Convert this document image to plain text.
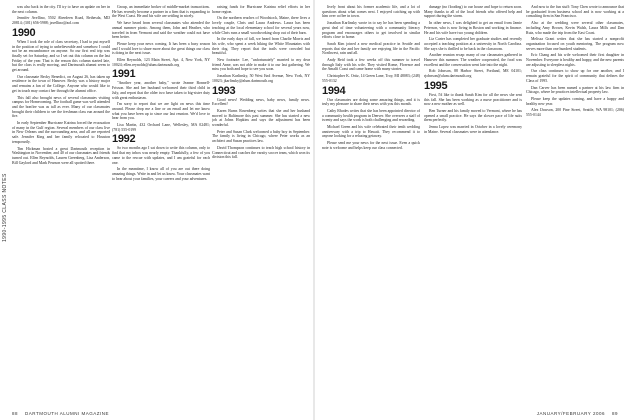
1990-1995 CLASS NOTES

was also back in the city. I'll try to have an update on her in the next column.

Jennifer Avellino, 5502 Aberdeen Road, Bethesda, MD 20814; (301) 656-5988; javellino@aol.com

1990

When I took the role of class secretary, I had to put myself in the position of trying to unbelieveable and somehow I could not be an encumbrance on anyone. So our first real trip was finally set for Saturday, and so I set out this column on the last Friday of the year. That is the reason this column started late, but the class is really moving, and Dartmouth alumni seem to get around.

Our classmate Becky Benedict, on August 26, has taken up residence in the town of Hanover. Becky was a history major and remains a fan of the College. Anyone who would like to get in touch may contact her through the alumni office.

This fall also brought news of several classmates visiting campus for Homecoming. The football game was well attended and the bonfire was as tall as ever. Many of our classmates brought their children to see the freshman class run around the fire.

In early September Hurricane Katrina forced the evacuation of many in the Gulf region. Several members of our class live in New Orleans and the surrounding area, and all are reported safe. Jennifer King and her family relocated to Houston temporarily.

Tim Hickman hosted a great Dartmouth reception in Washington in November, and 40 of our classmates and friends turned out. Ellen Reynolds, Lauren Greenberg, Lisa Anderson, Bill Gaylord and Mark Pearson were all spotted there.

Group, an immediate broker of middle-market transactions. He has recently become a partner in a firm that is expanding to the West Coast. He and his wife are settling in nicely.

We have heard from several classmates who attended the annual summer picnic. Among them, John and Heather, who traveled in from Vermont and said the weather could not have been better.

Please keep your news coming. It has been a busy season and I would love to share more about the great things our class is doing in the next issue.

Ellen Reynolds, 123 Main Street, Apt. 4, New York, NY 10024; ellen.reynolds@alum.dartmouth.org

1991

"Another year, another baby," wrote Jeanne Bonnell-Frisson. She and her husband welcomed their third child in July, and report that the older two have taken to big-sister duty with great enthusiasm.

I'm sorry to report that we are light on news this time around. Please drop me a line or an email and let me know what you have been up to since our last reunion. We'd love to hear from you.

Lisa Martin, 432 Orchard Lane, Wellesley, MA 02481; (781) 555-0199

1992

So two months ago I sat down to write this column, only to find that my inbox was nearly empty. Thankfully, a few of you came to the rescue with updates, and I am grateful for each one.

In the meantime, I know all of you are out there doing amazing things. Write in and let us know. Your classmates want to hear about your families, your careers and your adventures.

raising funds for Hurricane Katrina relief efforts in her home region.

On the northern reaches of Woodstock, Maine, there lives a lovely couple, Chris and Laura Andrews. Laura has been teaching at the local elementary school for several years now, while Chris runs a small woodworking shop out of their barn.

In the early days of fall, we heard from Charlie Morris and his wife, who spent a week hiking the White Mountains with their dog. They report that the trails were crowded but beautiful.

New footnote: Lee, "unfortunately" married to my dear friend Anne, was not able to make it to our last gathering. We miss you both and hope to see you soon.

Jonathan Karlinsky, 50 West End Avenue, New York, NY 10023; jkarlinsky@alum.dartmouth.org

1993

Good news! Wedding news, baby news, family news. Excellent!

Karen Burns Rosenberg writes that she and her husband moved to Baltimore this past summer. She has started a new job at Johns Hopkins and says the adjustment has been wonderful.

Peter and Susan Clark welcomed a baby boy in September. The family is living in Chicago, where Peter works as an architect and Susan practices law.

David Thompson continues to teach high school history in Connecticut and coaches the varsity soccer team, which won its division this fall.

lively front about his former academic life, and a lot of questions about what comes next. I enjoyed catching up with him over coffee in town.

Jonathan Karlinsky wrote in to say he has been spending a great deal of time volunteering with a community literacy program and encourages others to get involved in similar efforts close to home.

Sarah Kim joined a new medical practice in Seattle and reports that she and her family are enjoying life in the Pacific Northwest, rain and all.

Andy Reid took a few weeks off this summer to travel through Italy with his wife. They visited Rome, Florence and the Amalfi Coast and came home with many stories.

Christopher K. Ortiz, 14 Green Lane, Troy, MI 48083; (248) 555-0132

1994

Our classmates are doing some amazing things, and it is truly my pleasure to share their news with you this month.

Cathy Rhodes writes that she has been appointed director of a community health program in Denver. She oversees a staff of twenty and says the work is both challenging and rewarding.

Michael Green and his wife celebrated their tenth wedding anniversary with a trip to Hawaii. They recommend it to anyone looking for a relaxing getaway.

Please send me your news for the next issue. Even a quick note is welcome and helps keep our class connected.

damage (no flooding) to our house and hope to return soon. Many thanks to all of the local friends who offered help and support during the storm.

In other news, I was delighted to get an email from Jamie Peterson, who is now living in Boston and working in finance. He and his wife have two young children.

Liz Carter has completed her graduate studies and recently accepted a teaching position at a university in North Carolina. She says she is thrilled to be back in the classroom.

Another reunion recap: many of our classmates gathered in Hanover this summer. The weather cooperated, the food was excellent and the conversation went late into the night.

Rob Johnson, 88 Harbor Street, Portland, ME 04101; rjohnson@alum.dartmouth.org

1995

First, I'd like to thank Sarah Kim for all the news she sent this fall. She has been working as a nurse practitioner and is now a new mother as well.

Ben Turner and his family moved to Vermont, where he has opened a small practice. He says the slower pace of life suits them perfectly.

Jenna Lopez was married in October in a lovely ceremony in Maine. Several classmates were in attendance.

And now to the fun stuff: Tony Chen wrote to announce that he graduated from business school and is now working at a consulting firm in San Francisco.

Also at the wedding were several other classmates, including Amy Brown, Kevin Walsh, Laura Mills and Dan Ruiz, who made the trip from the East Coast.

Melissa Grant writes that she has started a nonprofit organization focused on youth mentoring. The program now serves more than one hundred students.

Eric Chang and his wife welcomed their first daughter in November. Everyone is healthy and happy, and the new parents are adjusting to sleepless nights.

Our class continues to show up for one another, and I remain grateful for the spirit of community that defines the Class of 1995.

Dan Carver has been named a partner at his law firm in Chicago, where he practices intellectual property law.

Please keep the updates coming, and have a happy and healthy new year.

Alex Dawson, 200 Pine Street, Seattle, WA 98101; (206) 555-0144

88 DARTMOUTH ALUMNI MAGAZINE	JANUARY/FEBRUARY 2006 89
